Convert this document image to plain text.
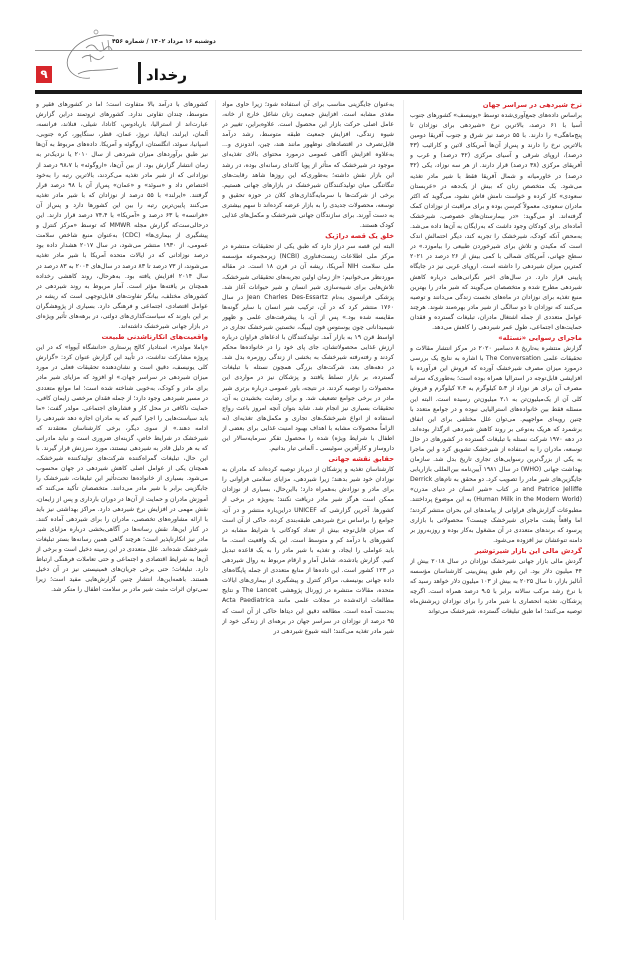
دوشنبه ۱۶ مرداد ۱۴۰۲ / شماره ۴۵۶
۹	رخداد

نرخ شیردهی در سراسر جهان

براساس داده‌های جمع‌آوری‌شده توسط «یونیسف» کشورهای جنوب آسیا با ۶۱ درصد، بالاترین نرخ «شیردهی برای نوزادان تا پنج‌ماهگی» را دارند. با ۵۵ درصد نیز شرق و جنوب آفریقا دومین بالاترین نرخ را دارند و پس‌از آن‌ها آمریکای لاتین و کارائیب (۴۳ درصد)، اروپای شرقی و آسیای مرکزی (۴۲ درصد) و غرب و آفریقای مرکزی (۳۸ درصد) قرار دارند. از هر سه نوزاد، یکی (۳۲ درصد) در خاورمیانه و شمال آفریقا فقط با شیر مادر تغذیه می‌شود. یک متخصص زنان که بیش از یک‌دهه در «عربستان سعودی» کار کرده و خواست نامش فاش نشود، می‌گوید که اکثر مادران سعودی، معمولاً کم‌سن بوده و برای مراقبت از نوزادان کمک گرفته‌اند. او می‌گوید: «در بیمارستان‌های خصوصی، شیرخشک آماده‌ای برای کودکان وجود داشت که به‌رایگان به آن‌ها داده می‌شد. به‌محض آنکه کودک، شیرخشک را تجربه کند، دیگر احتمالش اندک است که مکیدن و تلاش برای شیرخوردن طبیعی را بیاموزد.» در سطح جهانی، آمریکای شمالی با کمی بیش از ۲۶ درصد در ۲۰۲۱ کمترین میزان شیردهی را داشته است. اروپای غربی نیز در جایگاه پایینی قرار دارد. در سال‌های اخیر نگرانی‌هایی درباره کاهش شیردهی مطرح شده و متخصصان می‌گویند که شیر مادر را بهترین منبع تغذیه برای نوزادان در ماه‌های نخست زندگی می‌دانند و توصیه می‌کنند که نوزادان تا دو سالگی از شیر مادر بهره‌مند شوند. هرچند عوامل متعددی از جمله اشتغال مادران، تبلیغات گسترده و فقدان حمایت‌های اجتماعی، طول عمر شیردهی را کاهش می‌دهد.

ماجرای رسوایی «نستله»

گزارش منتشره به‌تاریخ ۸ دسامبر ۲۰۲۰ در مرکز انتشار مقالات و تحقیقات علمی The Conversation با اشاره به نتایج یک بررسی درمورد میزان مصرف شیرخشک آورده که فروش این فرآورده با افزایشی قابل‌توجه در استرالیا همراه بوده است؛ به‌طوری‌که سرانه مصرف آن برای هر نوزاد از ۵،۳ کیلوگرم به ۷،۴ کیلوگرم و فروش کلی آن از یک‌میلیون‌تن به ۲،۱ میلیون‌تن رسیده است. البته این مسئله فقط بین خانواده‌های استرالیایی نبوده و در جوامع متعدد با چنین رویه‌ای مواجهیم. می‌توان علل مختلفی برای این اتفاق برشمرد که هریک به‌نوعی بر روند کاهش شیردهی اثرگذار بوده‌اند. در دهه ۱۹۷۰ شرکت نستله با تبلیغات گسترده در کشورهای در حال توسعه، مادران را به استفاده از شیرخشک تشویق کرد و این ماجرا به یکی از بزرگ‌ترین رسوایی‌های تجاری تاریخ بدل شد. سازمان بهداشت جهانی (WHO) در سال ۱۹۸۱ آیین‌نامه بین‌المللی بازاریابی جایگزین‌های شیر مادر را تصویب کرد. دو محقق به نام‌های Derrick and Patrice Jelliffe در کتاب «شیر انسان در دنیای مدرن» (Human Milk in the Modern World) به این موضوع پرداختند. مطبوعات گزارش‌های فراوانی از پیامدهای این بحران منتشر کردند؛ اما واقعاً پشت ماجرای شیرخشک چیست؟ محصولاتی با بازاری پرسود که برندهای متعددی در آن مشغول به‌کار بوده و روزبه‌روز بر دامنه تنوعشان نیز افزوده می‌شود.

گردش مالی این بازار شیرتوشیر

گردش مالی بازار جهانی شیرخشک نوزادان در سال ۲۰۱۸ بیش از ۴۴ میلیون دلار بود. این رقم طبق پیش‌بینی کارشناسان مؤسسه آنالیز بازار، تا سال ۲۰۲۵ به بیش از ۱۰۳ میلیون دلار خواهد رسید که با نرخ رشد مرکب سالانه برابر با ۹،۵ درصد همراه است. اگرچه پزشکان، تغذیه انحصاری با شیر مادر را برای نوزادان زیرشش‌ماه توصیه می‌کنند؛ اما طبق تبلیغات گسترده، شیرخشک می‌تواند

به‌عنوان جایگزینی مناسب برای آن استفاده شود؛ زیرا حاوی مواد مغذی مشابه است. افزایش جمعیت زنان شاغل خارج از خانه، عامل اصلی حرکت بازار این محصول است. علاوه‌براین، تغییر در شیوه زندگی، افزایش جمعیت طبقه متوسط، رشد درآمد قابل‌تصرف در اقتصادهای نوظهور مانند هند، چین، اندونزی و... به‌علاوه افزایش آگاهی عمومی درمورد محتوای بالای تغذیه‌ای موجود در شیرخشک که متأثر از پویا کاندای رسانه‌ای بوده، در رشد این بازار نقش داشته؛ به‌طوری‌که این روزها شاهد رقابت‌های تنگاتنگی میان تولیدکنندگان شیرخشک در بازارهای جهانی هستیم. برخی از شرکت‌ها با سرمایه‌گذاری‌های کلان در حوزه تحقیق و توسعه، محصولات جدیدی را به بازار عرضه کرده‌اند تا سهم بیشتری به دست آورند. برای سازندگان جهانی شیرخشک و مکمل‌های غذایی کودک هستند.

خلق یک قصه دراژیک

البته این قصه سر دراز دارد که طبق یکی از تحقیقات منتشره در مرکز ملی اطلاعات زیست‌فناوری (NCBI) زیرمجموعه مؤسسه ملی سلامت NIH آمریکا، ریشه آن در قرن ۱۸ است. در مقاله موردنظر می‌خوانیم: «از زمان اولین تجربه‌های تحقیقاتی شیرخشک، تلاش‌هایی برای شبیه‌سازی شیر انسان و شیر حیوانات آغاز شد. پزشکی فرانسوی به‌نام Jean Charles Des-Essartz در سال ۱۷۶۰ منتشر کرد که در آن، ترکیب شیر انسان با سایر گونه‌ها مقایسه شده بود.» پس از آن، با پیشرفت‌های علمی و ظهور شیمیدانانی چون یوستوس فون لیبیگ، نخستین شیرخشک تجاری در اواسط قرن ۱۹ به بازار آمد. تولیدکنندگان با ادعاهای فراوان درباره ارزش غذایی محصولاتشان، جای پای خود را در خانواده‌ها محکم کردند و رفته‌رفته شیرخشک به بخشی از زندگی روزمره بدل شد. در دهه‌های بعد، شرکت‌های بزرگی همچون نستله با تبلیغات گسترده، بر بازار تسلط یافتند و پزشکان نیز در مواردی این محصولات را توصیه کردند. در نتیجه، باور عمومی درباره برتری شیر مادر در برخی جوامع تضعیف شد. و برای رضایت بخشیدن به آن، تحقیقات بسیاری نیز انجام شد. شاید بتوان آنچه امروز باعث رواج استفاده از انواع شیرخشک‌های تجاری و مکمل‌های تغذیه‌ای (نه الزاماً محصولات مشابه با اهداف بهبود امنیت غذایی برای بعضی از اطفال با شرایط ویژه) شده را محصول تفکر سرمایه‌سالار این داروساز و کارآفرین سوئیسی ـ آلمانی تبار بدانیم.

حقایق نقشه جهانی

کارشناسان تغذیه و پزشکان از دیرباز توصیه کرده‌اند که مادران به نوزادان خود شیر بدهند؛ زیرا شیردهی، مزایای سلامتی فراوانی را برای مادر و نوزادش به‌همراه دارد؛ بااین‌حال، بسیاری از نوزادان ممکن است هرگز شیر مادر دریافت نکنند؛ به‌ویژه در برخی از کشورها. آخرین گزارشی که UNICEF دراین‌باره منتشر و در آن، جوامع را براساس نرخ شیردهی طبقه‌بندی کرده، حاکی از آن است که میزان قابل‌توجه بیش از تعداد کودکانی با شرایط مشابه در کشورهای با درآمد کم و متوسط است. این یک واقعیت است. ما باید عواملی را ایجاد، و تغذیه با شیر مادر را به یک قاعده تبدیل کنیم. گزارش یادشده، شامل آمار و ارقام مربوط به روال شیردهی در ۱۲۳ کشور است. این داده‌ها از منابع متعددی از جمله پایگاه‌های داده جهانی یونیسف، مراکز کنترل و پیشگیری از بیماری‌های ایالات متحده، مقالات منتشره در ژورنال پژوهشی The Lancet و نتایج مطالعات ارائه‌شده در مجلات علمی مانند Acta Paediatrica به‌دست آمده است. مطالعه دقیق این دیتاها حاکی از آن است که ۹۵ درصد از نوزادان در سراسر جهان در برهه‌ای از زندگی خود از شیر مادر تغذیه می‌کنند؛ البته شیوع شیردهی در

کشورهای با درآمد بالا متفاوت است؛ اما در کشورهای فقیر و متوسط، چندان تفاوتی ندارد. کشورهای ثروتمند دراین گزارش عبارت‌اند از استرالیا، باربادوس، کانادا، شیلی، فنلاند، فرانسه، آلمان، ایرلند، ایتالیا، نروژ، عمان، قطر، سنگاپور، کره جنوبی، اسپانیا، سوئد، انگلستان، اروگوئه و آمریکا. داده‌های مربوط به آن‌ها نیز طبق برآوردهای میزان شیردهی از سال ۲۰۱۰ یا نزدیک‌تر به زمان انتشار گزارش بود. از بین آن‌ها، «اروگوئه» با ۹۸،۷ درصد از نوزادانی که از شیر مادر تغذیه می‌کردند، بالاترین رتبه را به‌خود اختصاص داد و «سوئد» و «عمان» پس‌از آن با ۹۸ درصد قرار گرفتند. «ایرلند» با ۵۵ درصد از نوزادان که با شیر مادر تغذیه می‌کنند پایین‌ترین رتبه را بین این کشورها دارد و پس‌از آن «فرانسه» با ۶۳ درصد و «آمریکا» با ۷۴،۴ درصد قرار دارند. این درحالی‌ست‌که گزارش مجله MMWR که توسط «مرکز کنترل و پیشگیری از بیماری‌ها» (CDC) به‌عنوان منبع شاخص سلامت عمومی، از ۱۹۳۰ منتشر می‌شود، در سال ۲۰۱۷ هشدار داده بود درصد نوزادانی که در ایالات متحده آمریکا با شیر مادر تغذیه می‌شوند، از ۷۳ درصد تا ۸۳ درصد در سال‌های ۲۰۰۴ به ۸۳ درصد در سال ۲۰۱۴ افزایش یافته بود. به‌هرحال، روند کاهشی رخداده همچنان بر یافته‌ها مؤثر است. آمار مربوط به روند شیردهی در کشورهای مختلف، بیانگر تفاوت‌های قابل‌توجهی است که ریشه در عوامل اقتصادی، اجتماعی و فرهنگی دارد. بسیاری از پژوهشگران بر این باورند که سیاست‌گذاری‌های دولتی، در برهه‌های تأثیر ویژه‌ای در بازار جهانی شیرخشک داشته‌اند.

واقعیت‌های انکارناشدنی طبیعت

«پاملا مولدر»، استادیار کالج پرستاری «دانشگاه آیووا» که در این پروژه مشارکت نداشت، در تأیید این گزارش عنوان کرد: «گزارش کلی یونیسف، دقیق است و نشان‌دهنده تحقیقات فعلی در مورد میزان شیردهی در سراسر جهان.» او افزود که مزایای شیر مادر برای مادر و کودک، به‌خوبی شناخته شده است؛ اما موانع متعددی در مسیر شیردهی وجود دارد؛ از جمله فقدان مرخصی زایمان کافی، حمایت ناکافی در محل کار و فشارهای اجتماعی. مولدر گفت: «ما باید سیاست‌هایی را اجرا کنیم که به مادران اجازه دهد شیردهی را ادامه دهند.» از سوی دیگر، برخی کارشناسان معتقدند که شیرخشک در شرایط خاص، گزینه‌ای ضروری است و نباید مادرانی که به هر دلیل قادر به شیردهی نیستند، مورد سرزنش قرار گیرند. با این حال، تبلیغات گمراه‌کننده شرکت‌های تولیدکننده شیرخشک، همچنان یکی از عوامل اصلی کاهش شیردهی در جهان محسوب می‌شود. بسیاری از خانواده‌ها تحت‌تأثیر این تبلیغات، شیرخشک را جایگزینی برابر با شیر مادر می‌دانند. متخصصان تأکید می‌کنند که آموزش مادران و حمایت از آن‌ها در دوران بارداری و پس از زایمان، نقش مهمی در افزایش نرخ شیردهی دارد. مراکز بهداشتی نیز باید با ارائه مشاوره‌های تخصصی، مادران را برای شیردهی آماده کنند. در کنار این‌ها، نقش رسانه‌ها در آگاهی‌بخشی درباره مزایای شیر مادر نیز انکارناپذیر است؛ هرچند گاهی همین رسانه‌ها بستر تبلیغات شیرخشک شده‌اند. علل متعددی در این زمینه دخیل است و برخی از آن‌ها به شرایط اقتصادی و اجتماعی و حتی تعاملات فرهنگی ارتباط دارد. تبلیغات؛ حتی برخی جریان‌های فمینیستی نیز در آن دخیل هستند. باهمه‌این‌ها، انتشار چنین گزارش‌هایی مفید است؛ زیرا نمی‌توان اثرات مثبت شیر مادر بر سلامت اطفال را منکر شد.
